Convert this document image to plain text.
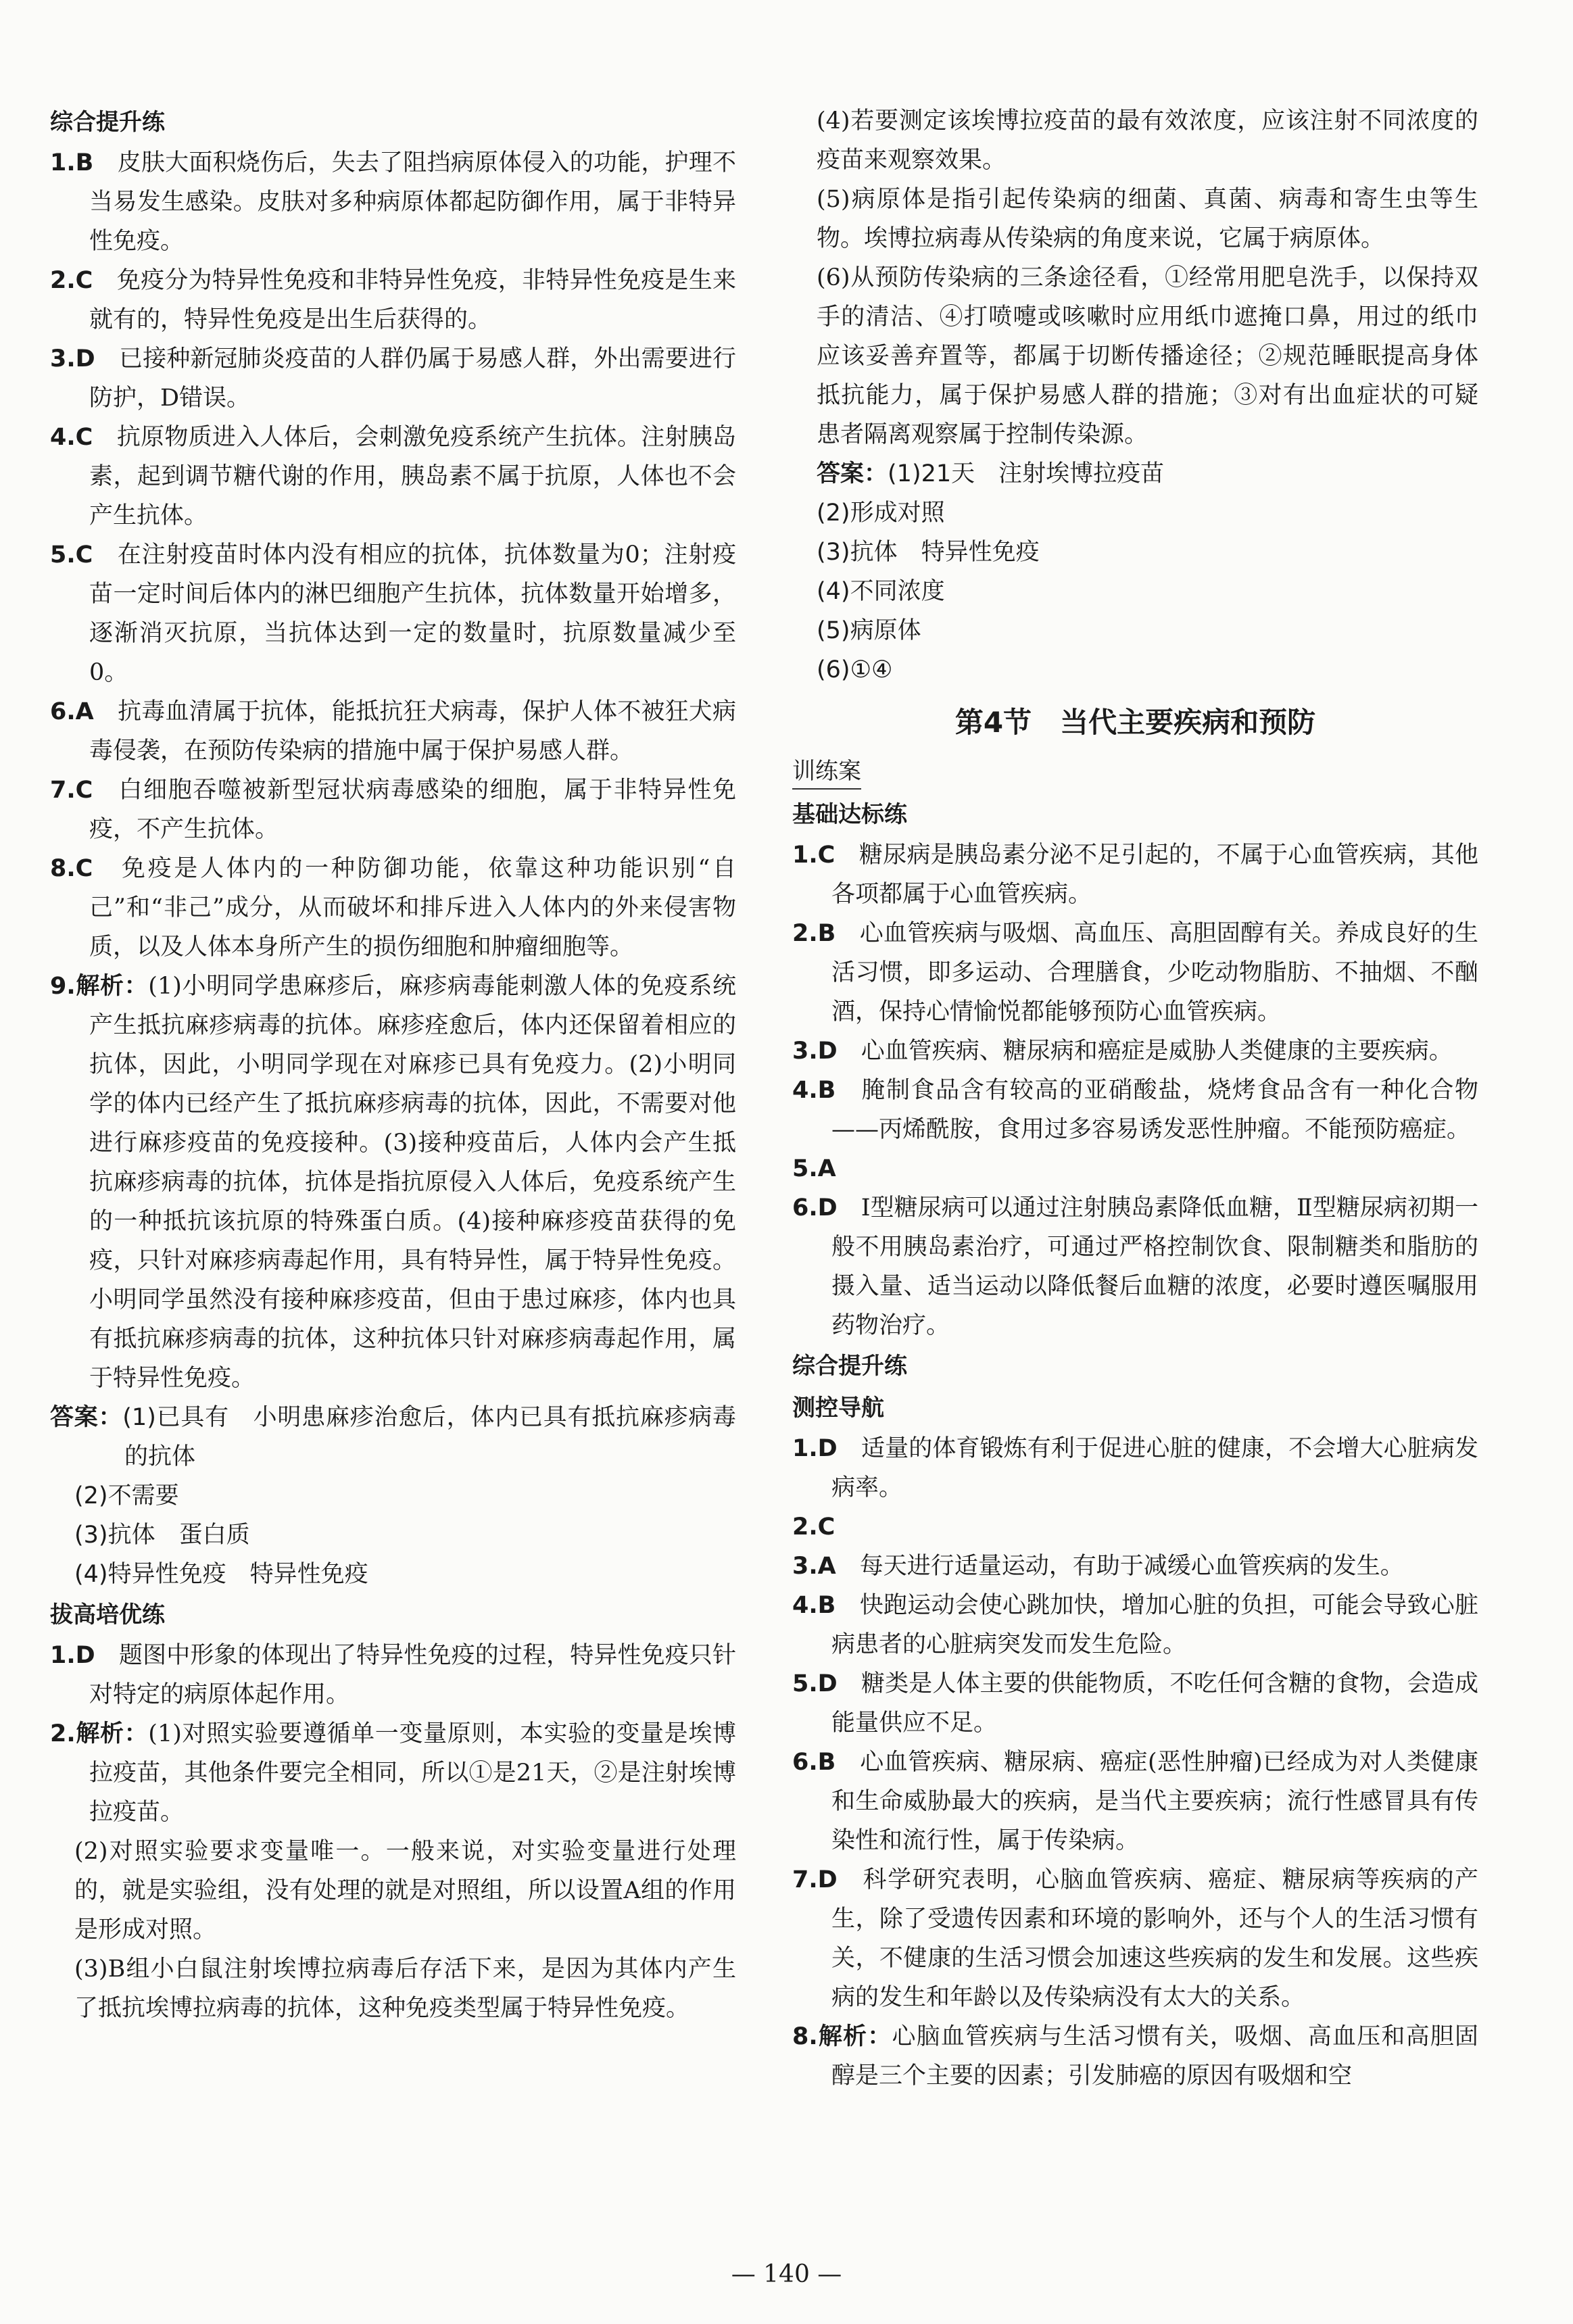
综合提升练

1.B　 皮肤大面积烧伤后，失去了阻挡病原体侵入的功能，护理不当易发生感染。皮肤对多种病原体都起防御作用，属于非特异性免疫。

2.C　 免疫分为特异性免疫和非特异性免疫，非特异性免疫是生来就有的，特异性免疫是出生后获得的。

3.D　 已接种新冠肺炎疫苗的人群仍属于易感人群，外出需要进行防护，D错误。

4.C　 抗原物质进入人体后，会刺激免疫系统产生抗体。注射胰岛素，起到调节糖代谢的作用，胰岛素不属于抗原，人体也不会产生抗体。

5.C　 在注射疫苗时体内没有相应的抗体，抗体数量为0；注射疫苗一定时间后体内的淋巴细胞产生抗体，抗体数量开始增多，逐渐消灭抗原，当抗体达到一定的数量时，抗原数量减少至0。

6.A　 抗毒血清属于抗体，能抵抗狂犬病毒，保护人体不被狂犬病毒侵袭，在预防传染病的措施中属于保护易感人群。

7.C　 白细胞吞噬被新型冠状病毒感染的细胞，属于非特异性免疫，不产生抗体。

8.C　 免疫是人体内的一种防御功能，依靠这种功能识别“自己”和“非己”成分，从而破坏和排斥进入人体内的外来侵害物质，以及人体本身所产生的损伤细胞和肿瘤细胞等。

9.解析：(1)小明同学患麻疹后，麻疹病毒能刺激人体的免疫系统产生抵抗麻疹病毒的抗体。麻疹痊愈后，体内还保留着相应的抗体，因此，小明同学现在对麻疹已具有免疫力。(2)小明同学的体内已经产生了抵抗麻疹病毒的抗体，因此，不需要对他进行麻疹疫苗的免疫接种。(3)接种疫苗后，人体内会产生抵抗麻疹病毒的抗体，抗体是指抗原侵入人体后，免疫系统产生的一种抵抗该抗原的特殊蛋白质。(4)接种麻疹疫苗获得的免疫，只针对麻疹病毒起作用，具有特异性，属于特异性免疫。小明同学虽然没有接种麻疹疫苗，但由于患过麻疹，体内也具有抵抗麻疹病毒的抗体，这种抗体只针对麻疹病毒起作用，属于特异性免疫。

答案：(1)已具有　小明患麻疹治愈后，体内已具有抵抗麻疹病毒的抗体

(2)不需要

(3)抗体　蛋白质

(4)特异性免疫　特异性免疫

拔高培优练

1.D　 题图中形象的体现出了特异性免疫的过程，特异性免疫只针对特定的病原体起作用。

2.解析：(1)对照实验要遵循单一变量原则，本实验的变量是埃博拉疫苗，其他条件要完全相同，所以①是21天，②是注射埃博拉疫苗。

(2)对照实验要求变量唯一。一般来说，对实验变量进行处理的，就是实验组，没有处理的就是对照组，所以设置A组的作用是形成对照。

(3)B组小白鼠注射埃博拉病毒后存活下来，是因为其体内产生了抵抗埃博拉病毒的抗体，这种免疫类型属于特异性免疫。

(4)若要测定该埃博拉疫苗的最有效浓度，应该注射不同浓度的疫苗来观察效果。

(5)病原体是指引起传染病的细菌、真菌、病毒和寄生虫等生物。埃博拉病毒从传染病的角度来说，它属于病原体。

(6)从预防传染病的三条途径看，①经常用肥皂洗手，以保持双手的清洁、④打喷嚏或咳嗽时应用纸巾遮掩口鼻，用过的纸巾应该妥善弃置等，都属于切断传播途径；②规范睡眠提高身体抵抗能力，属于保护易感人群的措施；③对有出血症状的可疑患者隔离观察属于控制传染源。

答案：(1)21天　注射埃博拉疫苗

(2)形成对照

(3)抗体　特异性免疫

(4)不同浓度

(5)病原体

(6)①④

第4节　当代主要疾病和预防
训练案
基础达标练

1.C　 糖尿病是胰岛素分泌不足引起的，不属于心血管疾病，其他各项都属于心血管疾病。

2.B　 心血管疾病与吸烟、高血压、高胆固醇有关。养成良好的生活习惯，即多运动、合理膳食，少吃动物脂肪、不抽烟、不酗酒，保持心情愉悦都能够预防心血管疾病。

3.D　 心血管疾病、糖尿病和癌症是威胁人类健康的主要疾病。

4.B　 腌制食品含有较高的亚硝酸盐，烧烤食品含有一种化合物——丙烯酰胺，食用过多容易诱发恶性肿瘤。不能预防癌症。

5.A

6.D　 Ⅰ型糖尿病可以通过注射胰岛素降低血糖，Ⅱ型糖尿病初期一般不用胰岛素治疗，可通过严格控制饮食、限制糖类和脂肪的摄入量、适当运动以降低餐后血糖的浓度，必要时遵医嘱服用药物治疗。

综合提升练
测控导航

1.D　 适量的体育锻炼有利于促进心脏的健康，不会增大心脏病发病率。

2.C

3.A　 每天进行适量运动，有助于减缓心血管疾病的发生。

4.B　 快跑运动会使心跳加快，增加心脏的负担，可能会导致心脏病患者的心脏病突发而发生危险。

5.D　 糖类是人体主要的供能物质，不吃任何含糖的食物，会造成能量供应不足。

6.B　 心血管疾病、糖尿病、癌症(恶性肿瘤)已经成为对人类健康和生命威胁最大的疾病，是当代主要疾病；流行性感冒具有传染性和流行性，属于传染病。

7.D　 科学研究表明，心脑血管疾病、癌症、糖尿病等疾病的产生，除了受遗传因素和环境的影响外，还与个人的生活习惯有关，不健康的生活习惯会加速这些疾病的发生和发展。这些疾病的发生和年龄以及传染病没有太大的关系。

8.解析：心脑血管疾病与生活习惯有关，吸烟、高血压和高胆固醇是三个主要的因素；引发肺癌的原因有吸烟和空

— 140 —
